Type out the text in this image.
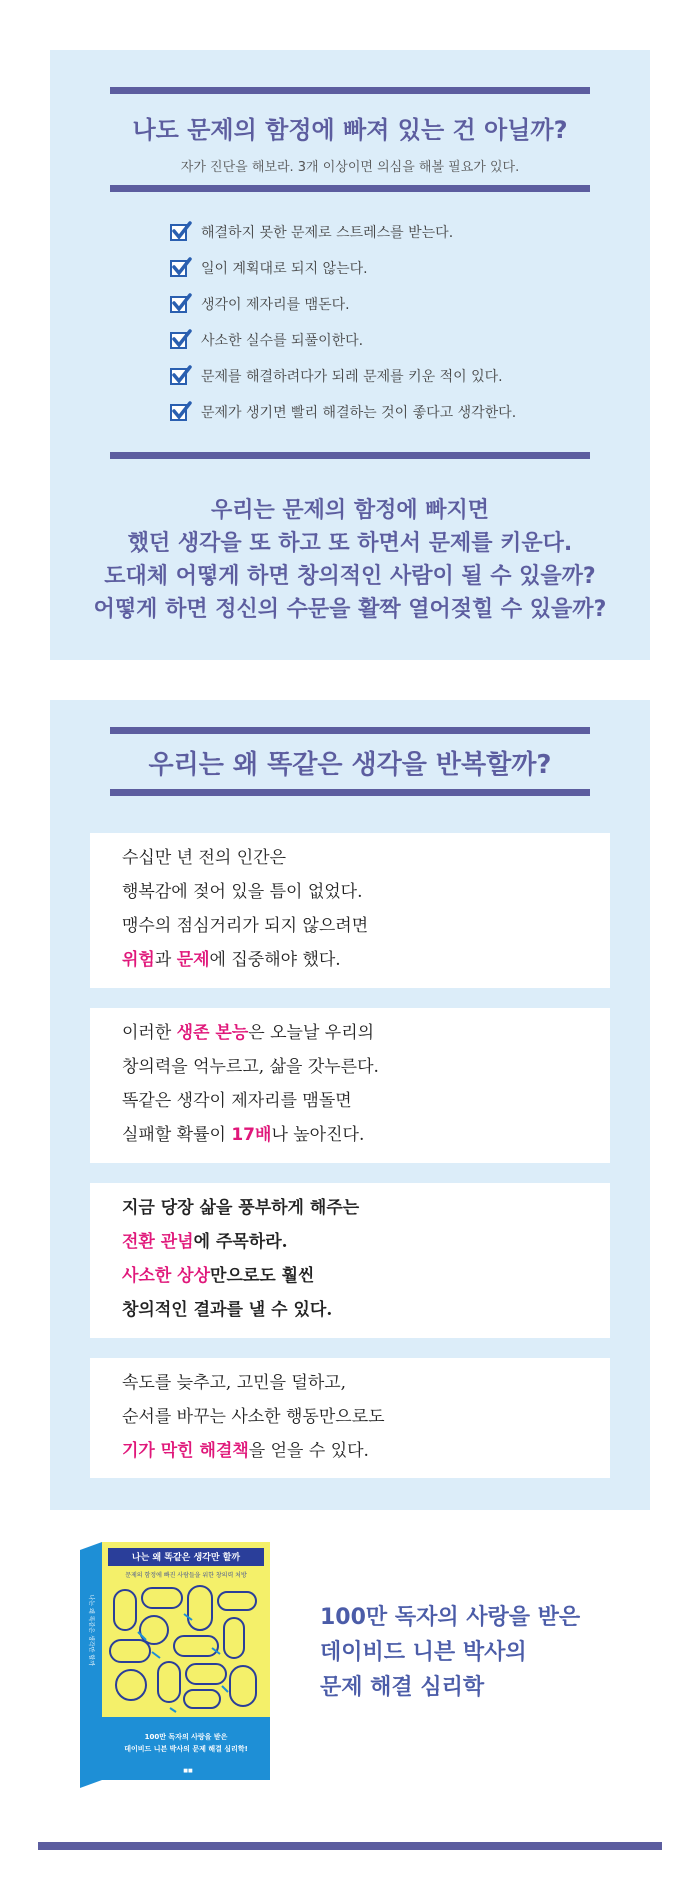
나도 문제의 함정에 빠져 있는 건 아닐까?
자가 진단을 해보라. 3개 이상이면 의심을 해볼 필요가 있다.
해결하지 못한 문제로 스트레스를 받는다.
일이 계획대로 되지 않는다.
생각이 제자리를 맴돈다.
사소한 실수를 되풀이한다.
문제를 해결하려다가 되레 문제를 키운 적이 있다.
문제가 생기면 빨리 해결하는 것이 좋다고 생각한다.
우리는 문제의 함정에 빠지면
했던 생각을 또 하고 또 하면서 문제를 키운다.
도대체 어떻게 하면 창의적인 사람이 될 수 있을까?
어떻게 하면 정신의 수문을 활짝 열어젖힐 수 있을까?
우리는 왜 똑같은 생각을 반복할까?
수십만 년 전의 인간은
행복감에 젖어 있을 틈이 없었다.
맹수의 점심거리가 되지 않으려면
위험과 문제에 집중해야 했다.
이러한 생존 본능은 오늘날 우리의
창의력을 억누르고, 삶을 갓누른다.
똑같은 생각이 제자리를 맴돌면
실패할 확률이 17배나 높아진다.
지금 당장 삶을 풍부하게 해주는
전환 관념에 주목하라.
사소한 상상만으로도 훨씬
창의적인 결과를 낼 수 있다.
속도를 늦추고, 고민을 덜하고,
순서를 바꾸는 사소한 행동만으로도
기가 막힌 해결책을 얻을 수 있다.
나는 왜 똑같은 생각만 할까
문제의 함정에 빠진 사람들을 위한 창의력 처방
나는 왜 똑같은 생각만 할까
100만 독자의 사랑을 받은
데이비드 니븐 박사의 문제 해결 심리학!
■■
100만 독자의 사랑을 받은
데이비드 니븐 박사의
문제 해결 심리학
